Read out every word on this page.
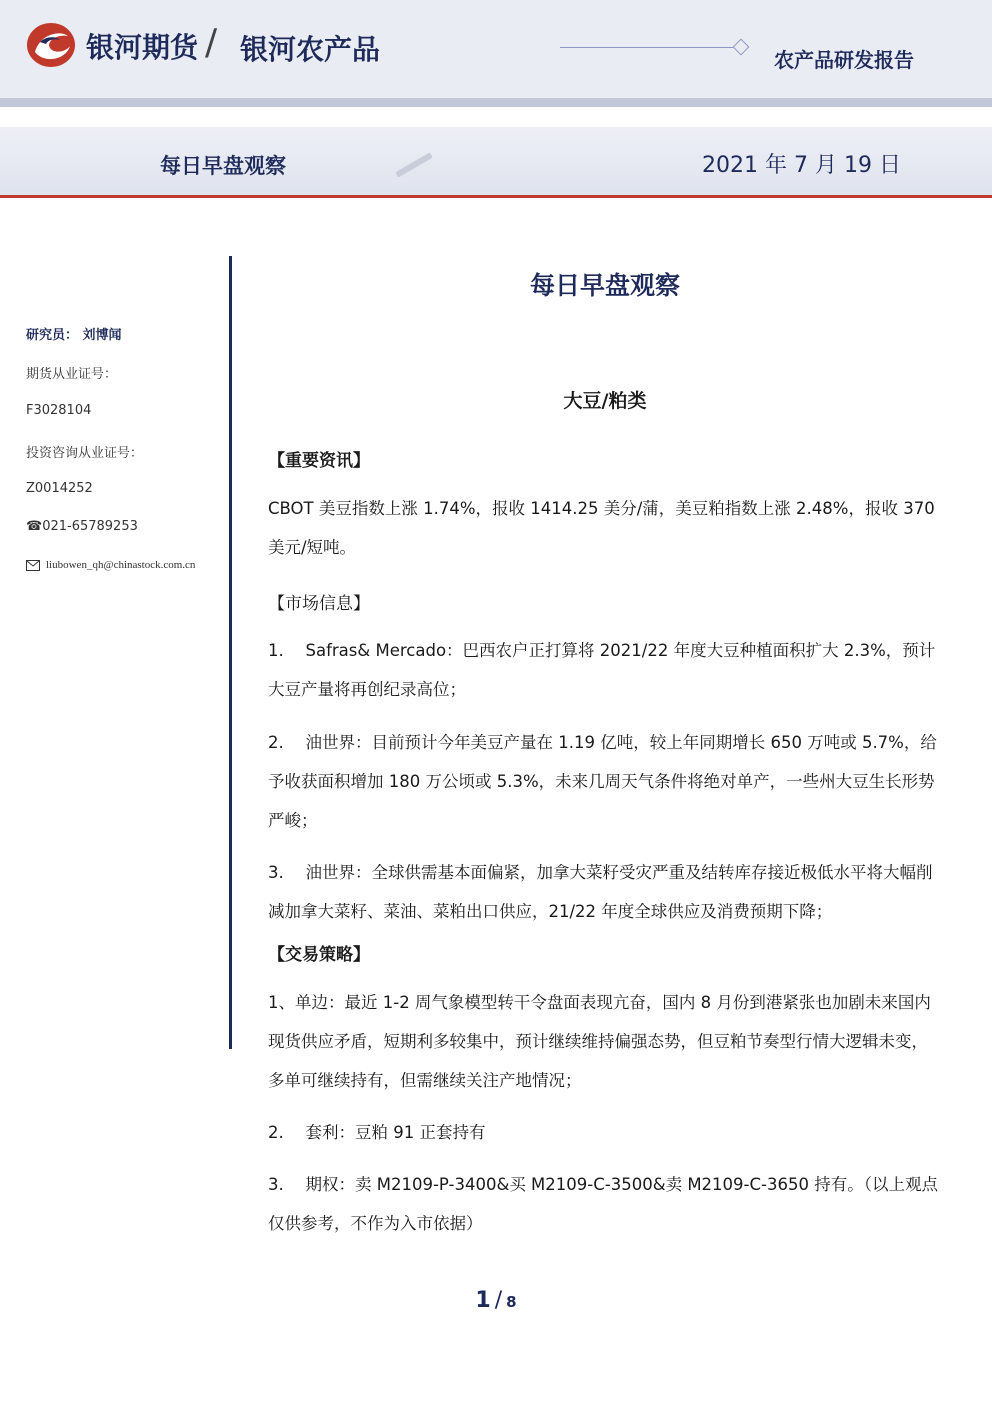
银河期货 / 银河农产品	农产品研发报告
每日早盘观察	2021 年 7 月 19 日
研究员： 刘博闻
期货从业证号：
F3028104
投资咨询从业证号：
Z0014252
☎021-65789253
liubowen_qh@chinastock.com.cn
每日早盘观察
大豆/粕类
【重要资讯】
CBOT 美豆指数上涨 1.74%，报收 1414.25 美分/蒲，美豆粕指数上涨 2.48%，报收 370 美元/短吨。
【市场信息】
1.　 Safras& Mercado：巴西农户正打算将 2021/22 年度大豆种植面积扩大 2.3%，预计大豆产量将再创纪录高位；
2.　 油世界：目前预计今年美豆产量在 1.19 亿吨，较上年同期增长 650 万吨或 5.7%，给予收获面积增加 180 万公顷或 5.3%，未来几周天气条件将绝对单产，一些州大豆生长形势严峻；
3.　 油世界：全球供需基本面偏紧，加拿大菜籽受灾严重及结转库存接近极低水平将大幅削减加拿大菜籽、菜油、菜粕出口供应，21/22 年度全球供应及消费预期下降；
【交易策略】
1、单边：最近 1-2 周气象模型转干令盘面表现亢奋，国内 8 月份到港紧张也加剧未来国内现货供应矛盾，短期利多较集中，预计继续维持偏强态势，但豆粕节奏型行情大逻辑未变，多单可继续持有，但需继续关注产地情况；
2.　 套利：豆粕 91 正套持有
3.　 期权：卖 M2109-P-3400&买 M2109-C-3500&卖 M2109-C-3650 持有。（以上观点仅供参考，不作为入市依据）
1 / 8
